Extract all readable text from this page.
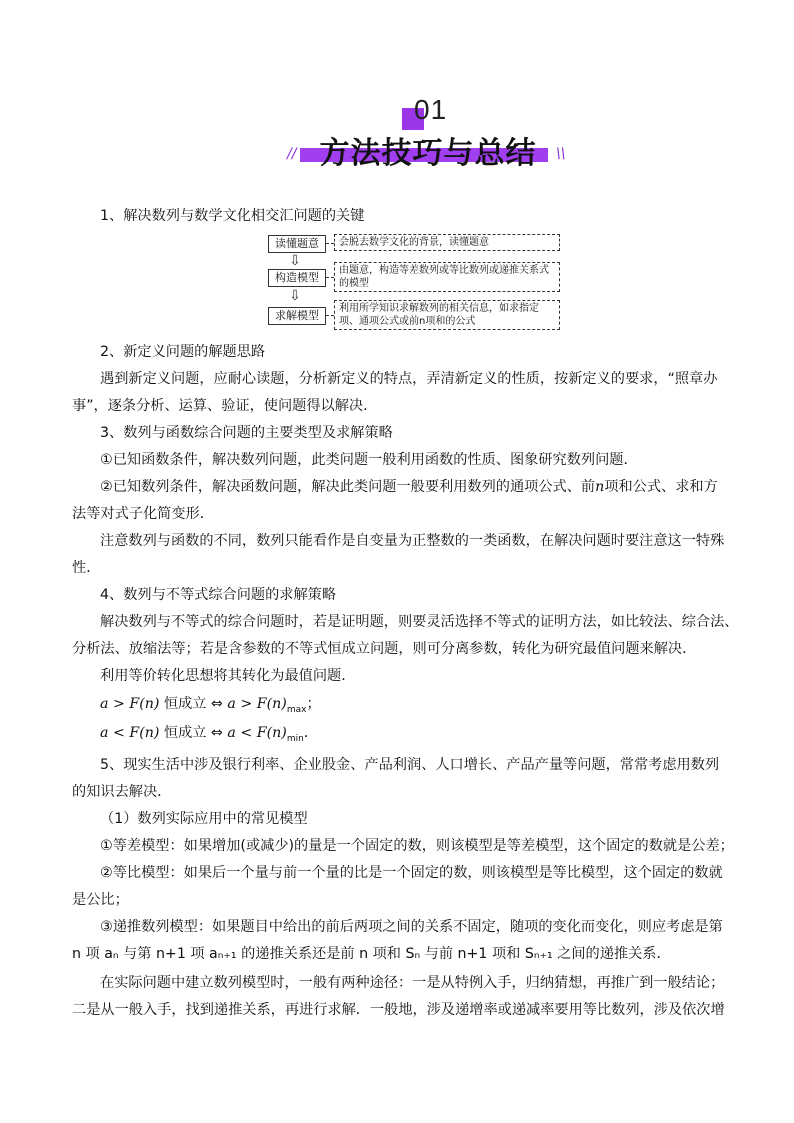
01
// 方法技巧与总结	\\
1、解决数列与数学文化相交汇问题的关键
读懂题意	会脱去数学文化的背景，读懂题意
⇩
构造模型
由题意，构造等差数列或等比数列或递推关系式的模型
⇩
求解模型
利用所学知识求解数列的相关信息，如求指定项、通项公式或前n项和的公式
2、新定义问题的解题思路
遇到新定义问题，应耐心读题，分析新定义的特点，弄清新定义的性质，按新定义的要求，“照章办
事”，逐条分析、运算、验证，使问题得以解决．
3、数列与函数综合问题的主要类型及求解策略
①已知函数条件，解决数列问题，此类问题一般利用函数的性质、图象研究数列问题．
②已知数列条件，解决函数问题，解决此类问题一般要利用数列的通项公式、前n项和公式、求和方
法等对式子化简变形．
注意数列与函数的不同，数列只能看作是自变量为正整数的一类函数，在解决问题时要注意这一特殊
性．
4、数列与不等式综合问题的求解策略
解决数列与不等式的综合问题时，若是证明题，则要灵活选择不等式的证明方法，如比较法、综合法、
分析法、放缩法等；若是含参数的不等式恒成立问题，则可分离参数，转化为研究最值问题来解决．
利用等价转化思想将其转化为最值问题．
a > F(n) 恒成立 ⇔ $a > F(n)_{max}$；
a < F(n) 恒成立 ⇔ $a < F(n)_{min}$．
5、现实生活中涉及银行利率、企业股金、产品利润、人口增长、产品产量等问题，常常考虑用数列
的知识去解决．
（1）数列实际应用中的常见模型
①等差模型：如果增加(或减少)的量是一个固定的数，则该模型是等差模型，这个固定的数就是公差；
②等比模型：如果后一个量与前一个量的比是一个固定的数，则该模型是等比模型，这个固定的数就
是公比；
③递推数列模型：如果题目中给出的前后两项之间的关系不固定，随项的变化而变化，则应考虑是第
n 项 aₙ 与第 n+1 项 aₙ₊₁ 的递推关系还是前 n 项和 Sₙ 与前 n+1 项和 Sₙ₊₁ 之间的递推关系．
在实际问题中建立数列模型时，一般有两种途径：一是从特例入手，归纳猜想，再推广到一般结论；
二是从一般入手，找到递推关系，再进行求解．一般地，涉及递增率或递减率要用等比数列，涉及依次增
